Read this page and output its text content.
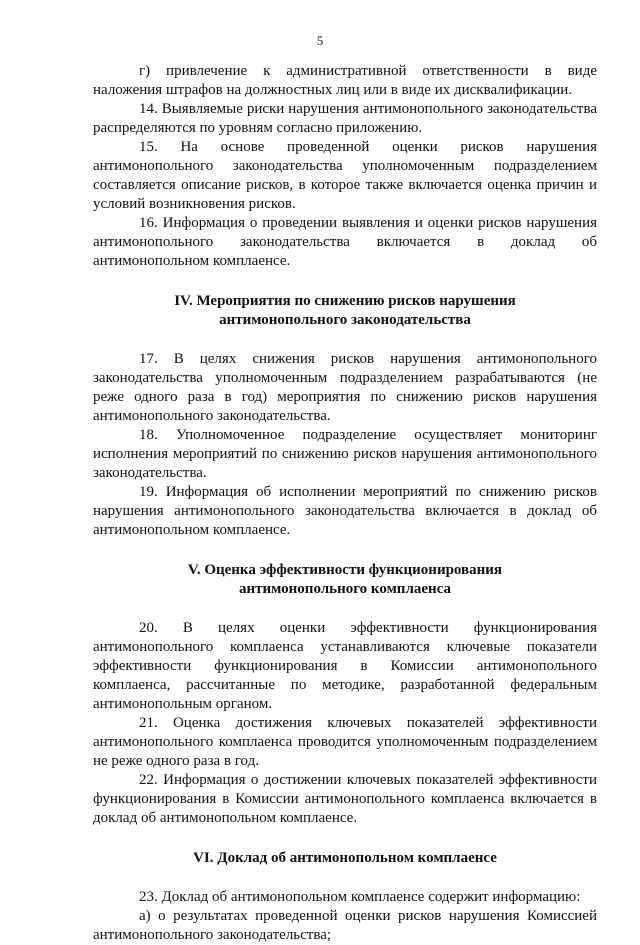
5

г) привлечение к административной ответственности в виде наложения штрафов на должностных лиц или в виде их дисквалификации.

14. Выявляемые риски нарушения антимонопольного законодательства распределяются по уровням согласно приложению.

15. На основе проведенной оценки рисков нарушения антимонопольного законодательства уполномоченным подразделением составляется описание рисков, в которое также включается оценка причин и условий возникновения рисков.

16. Информация о проведении выявления и оценки рисков нарушения антимонопольного законодательства включается в доклад об антимонопольном комплаенсе.

IV. Мероприятия по снижению рисков нарушения
антимонопольного законодательства

17. В целях снижения рисков нарушения антимонопольного законодательства уполномоченным подразделением разрабатываются (не реже одного раза в год) мероприятия по снижению рисков нарушения антимонопольного законодательства.

18. Уполномоченное подразделение осуществляет мониторинг исполнения мероприятий по снижению рисков нарушения антимонопольного законодательства.

19. Информация об исполнении мероприятий по снижению рисков нарушения антимонопольного законодательства включается в доклад об антимонопольном комплаенсе.

V. Оценка эффективности функционирования
антимонопольного комплаенса

20. В целях оценки эффективности функционирования антимонопольного комплаенса устанавливаются ключевые показатели эффективности функционирования в Комиссии антимонопольного комплаенса, рассчитанные по методике, разработанной федеральным антимонопольным органом.

21. Оценка достижения ключевых показателей эффективности антимонопольного комплаенса проводится уполномоченным подразделением не реже одного раза в год.

22. Информация о достижении ключевых показателей эффективности функционирования в Комиссии антимонопольного комплаенса включается в доклад об антимонопольном комплаенсе.

VI. Доклад об антимонопольном комплаенсе

23. Доклад об антимонопольном комплаенсе содержит информацию:

а) о результатах проведенной оценки рисков нарушения Комиссией антимонопольного законодательства;
